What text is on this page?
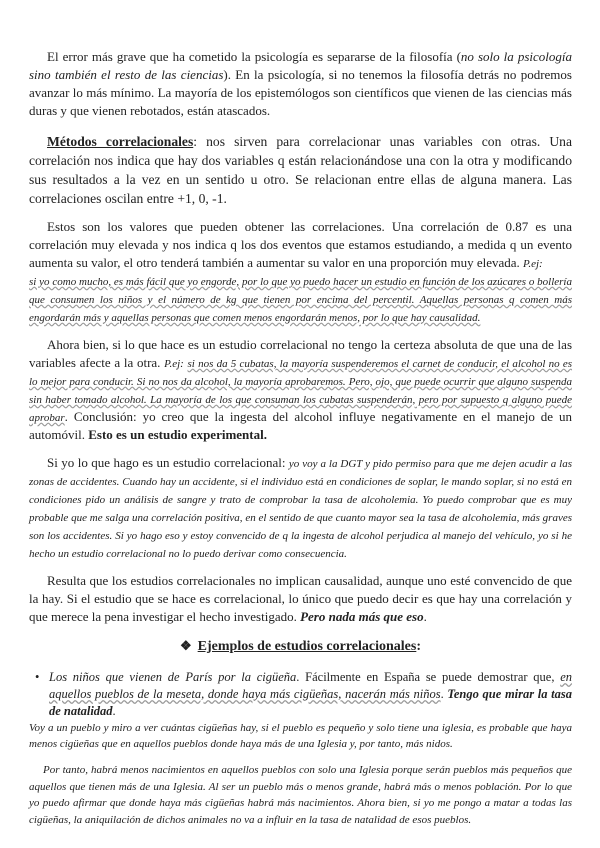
El error más grave que ha cometido la psicología es separarse de la filosofía (no solo la psicología sino también el resto de las ciencias). En la psicología, si no tenemos la filosofía detrás no podremos avanzar lo más mínimo. La mayoría de los epistemólogos son científicos que vienen de las ciencias más duras y que vienen rebotados, están atascados.

Métodos correlacionales: nos sirven para correlacionar unas variables con otras. Una correlación nos indica que hay dos variables q están relacionándose una con la otra y modificando sus resultados a la vez en un sentido u otro. Se relacionan entre ellas de alguna manera. Las correlaciones oscilan entre +1, 0, -1.

Estos son los valores que pueden obtener las correlaciones. Una correlación de 0.87 es una correlación muy elevada y nos indica q los dos eventos que estamos estudiando, a medida q un evento aumenta su valor, el otro tenderá también a aumentar su valor en una proporción muy elevada. P.ej:
si yo como mucho, es más fácil que yo engorde, por lo que yo puedo hacer un estudio en función de los azúcares o bollería que consumen los niños y el número de kg que tienen por encima del percentil. Aquellas personas q comen más engordarán más y aquellas personas que comen menos engordarán menos, por lo que hay causalidad.

Ahora bien, si lo que hace es un estudio correlacional no tengo la certeza absoluta de que una de las variables afecte a la otra. P.ej: si nos da 5 cubatas, la mayoría suspenderemos el carnet de conducir, el alcohol no es lo mejor para conducir. Si no nos da alcohol, la mayoría aprobaremos. Pero, ojo, que puede ocurrir que alguno suspenda sin haber tomado alcohol. La mayoría de los que consuman los cubatas suspenderán, pero por supuesto q alguno puede aprobar. Conclusión: yo creo que la ingesta del alcohol influye negativamente en el manejo de un automóvil. Esto es un estudio experimental.

Si yo lo que hago es un estudio correlacional: yo voy a la DGT y pido permiso para que me dejen acudir a las zonas de accidentes. Cuando hay un accidente, si el individuo está en condiciones de soplar, le mando soplar, si no está en condiciones pido un análisis de sangre y trato de comprobar la tasa de alcoholemia. Yo puedo comprobar que es muy probable que me salga una correlación positiva, en el sentido de que cuanto mayor sea la tasa de alcoholemia, más graves son los accidentes. Si yo hago eso y estoy convencido de q la ingesta de alcohol perjudica al manejo del vehículo, yo si he hecho un estudio correlacional no lo puedo derivar como consecuencia.

Resulta que los estudios correlacionales no implican causalidad, aunque uno esté convencido de que la hay. Si el estudio que se hace es correlacional, lo único que puedo decir es que hay una correlación y que merece la pena investigar el hecho investigado. Pero nada más que eso.

❖ Ejemplos de estudios correlacionales:
• Los niños que vienen de París por la cigüeña. Fácilmente en España se puede demostrar que, en aquellos pueblos de la meseta, donde haya más cigüeñas, nacerán más niños. Tengo que mirar la tasa de natalidad.
Voy a un pueblo y miro a ver cuántas cigüeñas hay, si el pueblo es pequeño y solo tiene una iglesia, es probable que haya menos cigüeñas que en aquellos pueblos donde haya más de una Iglesia y, por tanto, más nidos.

Por tanto, habrá menos nacimientos en aquellos pueblos con solo una Iglesia porque serán pueblos más pequeños que aquellos que tienen más de una Iglesia. Al ser un pueblo más o menos grande, habrá más o menos población. Por lo que yo puedo afirmar que donde haya más cigüeñas habrá más nacimientos. Ahora bien, si yo me pongo a matar a todas las cigüeñas, la aniquilación de dichos animales no va a influir en la tasa de natalidad de esos pueblos.
